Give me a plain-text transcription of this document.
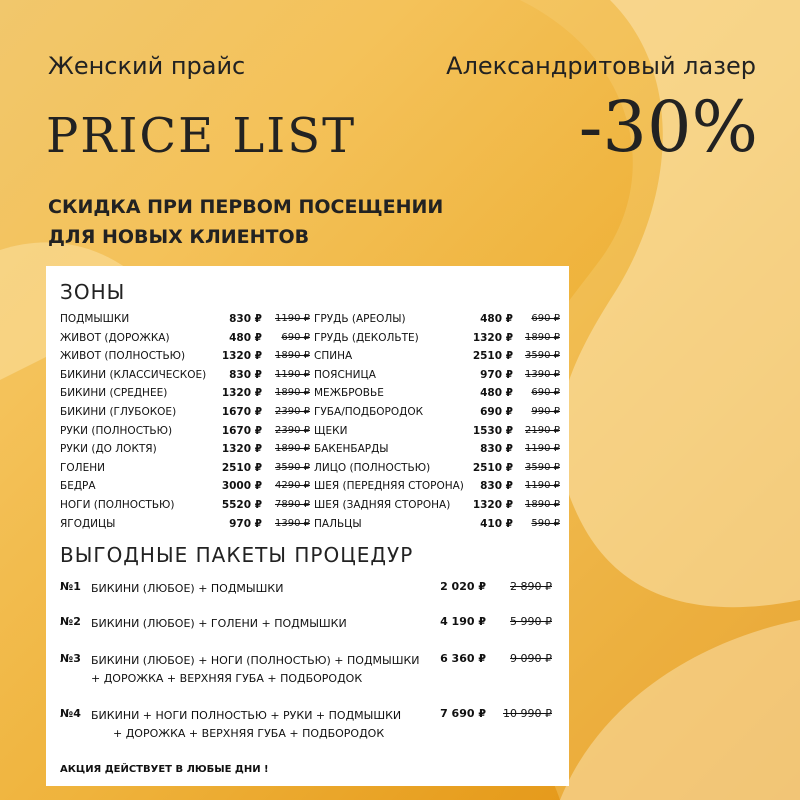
Женский прайс	Александритовый лазер
PRICE LIST	-30%
СКИДКА ПРИ ПЕРВОМ ПОСЕЩЕНИИ
ДЛЯ НОВЫХ КЛИЕНТОВ
ЗОНЫ
ПОДМЫШКИ	830 ₽	1190 ₽
ЖИВОТ (ДОРОЖКА)	480 ₽	690 ₽
ЖИВОТ (ПОЛНОСТЬЮ)	1320 ₽	1890 ₽
БИКИНИ (КЛАССИЧЕСКОЕ)	830 ₽	1190 ₽
БИКИНИ (СРЕДНЕЕ)	1320 ₽	1890 ₽
БИКИНИ (ГЛУБОКОЕ)	1670 ₽	2390 ₽
РУКИ (ПОЛНОСТЬЮ)	1670 ₽	2390 ₽
РУКИ (ДО ЛОКТЯ)	1320 ₽	1890 ₽
ГОЛЕНИ	2510 ₽	3590 ₽
БЕДРА	3000 ₽	4290 ₽
НОГИ (ПОЛНОСТЬЮ)	5520 ₽	7890 ₽
ЯГОДИЦЫ	970 ₽	1390 ₽
ГРУДЬ (АРЕОЛЫ)	480 ₽	690 ₽
ГРУДЬ (ДЕКОЛЬТЕ)	1320 ₽	1890 ₽
СПИНА	2510 ₽	3590 ₽
ПОЯСНИЦА	970 ₽	1390 ₽
МЕЖБРОВЬЕ	480 ₽	690 ₽
ГУБА/ПОДБОРОДОК	690 ₽	990 ₽
ЩЕКИ	1530 ₽	2190 ₽
БАКЕНБАРДЫ	830 ₽	1190 ₽
ЛИЦО (ПОЛНОСТЬЮ)	2510 ₽	3590 ₽
ШЕЯ (ПЕРЕДНЯЯ СТОРОНА)	830 ₽	1190 ₽
ШЕЯ (ЗАДНЯЯ СТОРОНА)	1320 ₽	1890 ₽
ПАЛЬЦЫ	410 ₽	590 ₽
ВЫГОДНЫЕ ПАКЕТЫ ПРОЦЕДУР
№1 БИКИНИ (ЛЮБОЕ) + ПОДМЫШКИ	2 020 ₽	2 890 ₽
№2 БИКИНИ (ЛЮБОЕ) + ГОЛЕНИ + ПОДМЫШКИ	4 190 ₽	5 990 ₽
№3 БИКИНИ (ЛЮБОЕ) + НОГИ (ПОЛНОСТЬЮ) + ПОДМЫШКИ
+ ДОРОЖКА + ВЕРХНЯЯ ГУБА + ПОДБОРОДОК
6 360 ₽	9 090 ₽
№4 БИКИНИ + НОГИ ПОЛНОСТЬЮ + РУКИ + ПОДМЫШКИ
+ ДОРОЖКА + ВЕРХНЯЯ ГУБА + ПОДБОРОДОК
7 690 ₽	10 990 ₽
АКЦИЯ ДЕЙСТВУЕТ В ЛЮБЫЕ ДНИ !
